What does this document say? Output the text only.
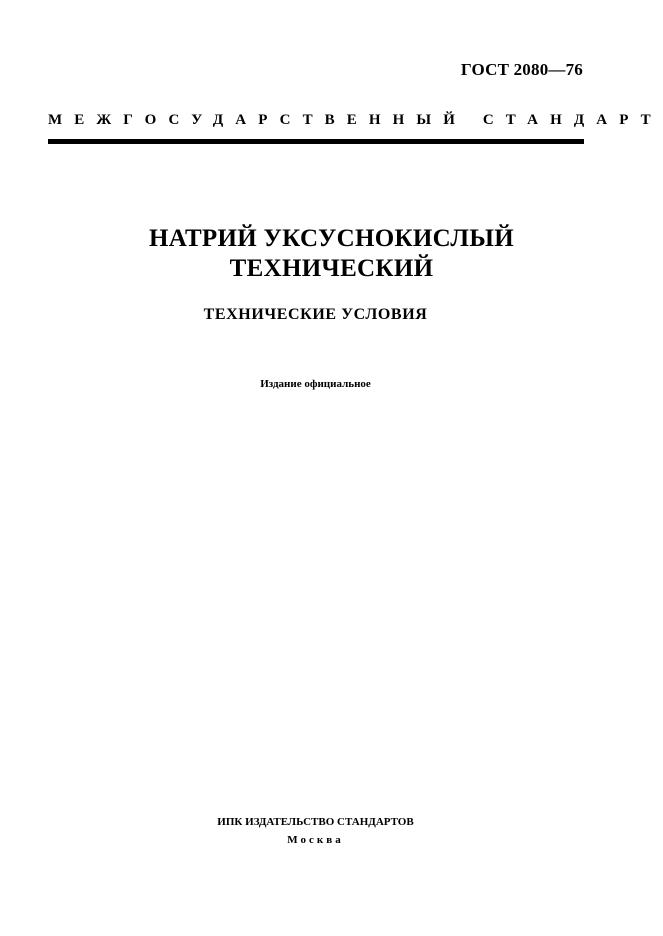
ГОСТ 2080—76
МЕЖГОСУДАРСТВЕННЫЙ СТАНДАРТ
НАТРИЙ УКСУСНОКИСЛЫЙ
ТЕХНИЧЕСКИЙ
ТЕХНИЧЕСКИЕ УСЛОВИЯ
Издание официальное
ИПК ИЗДАТЕЛЬСТВО СТАНДАРТОВ
Москва
